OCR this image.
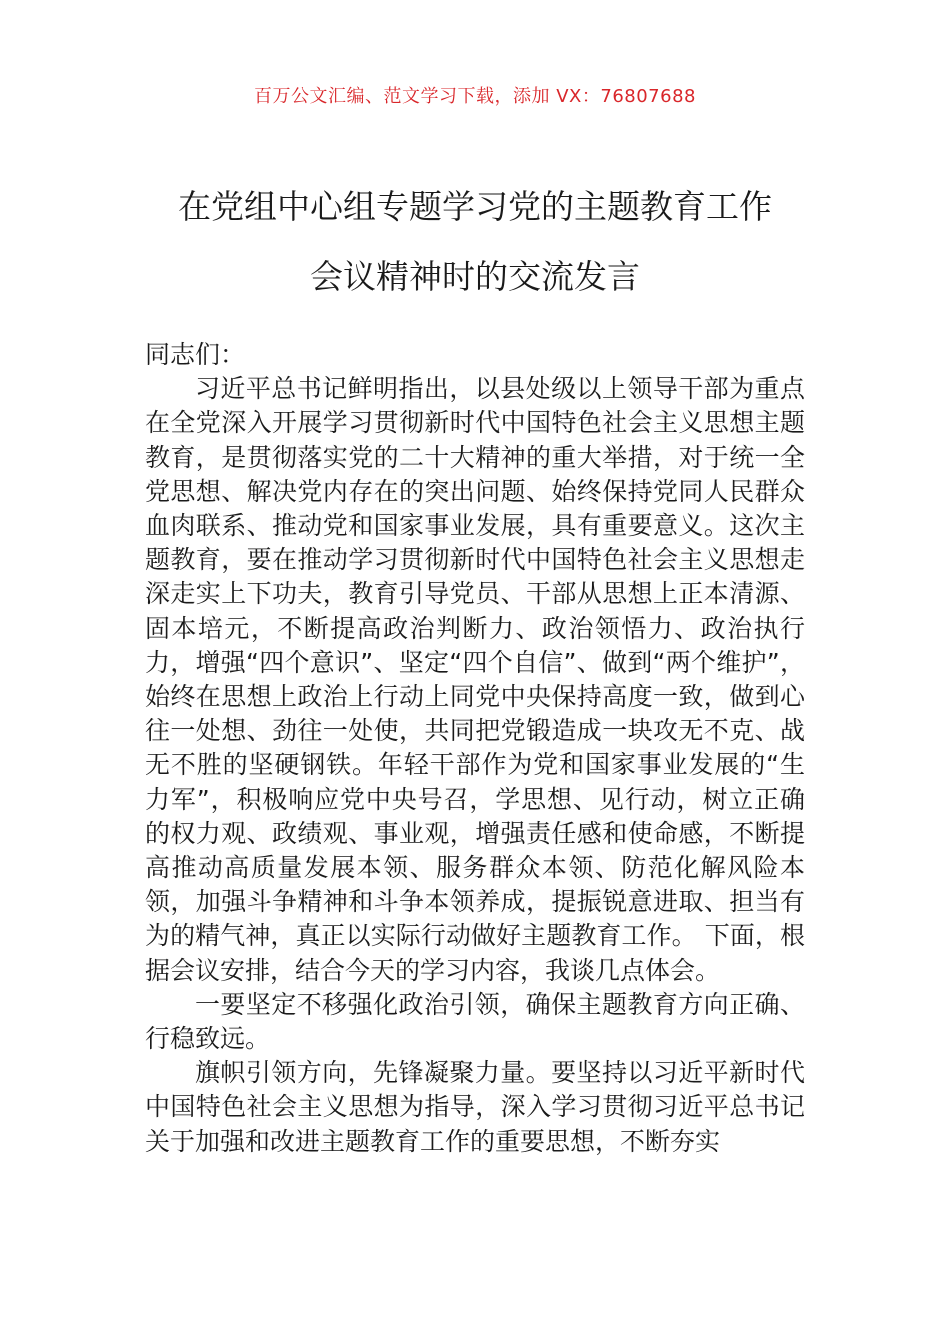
百万公文汇编、范文学习下载，添加 VX：76807688
在党组中心组专题学习党的主题教育工作
会议精神时的交流发言

同志们：

习近平总书记鲜明指出，以县处级以上领导干部为重点在全党深入开展学习贯彻新时代中国特色社会主义思想主题教育，是贯彻落实党的二十大精神的重大举措，对于统一全党思想、解决党内存在的突出问题、始终保持党同人民群众血肉联系、推动党和国家事业发展，具有重要意义。这次主题教育，要在推动学习贯彻新时代中国特色社会主义思想走深走实上下功夫，教育引导党员、干部从思想上正本清源、固本培元，不断提高政治判断力、政治领悟力、政治执行力，增强“四个意识”、坚定“四个自信”、做到“两个维护”，始终在思想上政治上行动上同党中央保持高度一致，做到心往一处想、劲往一处使，共同把党锻造成一块攻无不克、战无不胜的坚硬钢铁。年轻干部作为党和国家事业发展的“生力军”，积极响应党中央号召，学思想、见行动，树立正确的权力观、政绩观、事业观，增强责任感和使命感，不断提高推动高质量发展本领、服务群众本领、防范化解风险本领，加强斗争精神和斗争本领养成，提振锐意进取、担当有为的精气神，真正以实际行动做好主题教育工作。 下面，根据会议安排，结合今天的学习内容，我谈几点体会。

一要坚定不移强化政治引领，确保主题教育方向正确、行稳致远。

旗帜引领方向，先锋凝聚力量。要坚持以习近平新时代中国特色社会主义思想为指导，深入学习贯彻习近平总书记关于加强和改进主题教育工作的重要思想，不断夯实
